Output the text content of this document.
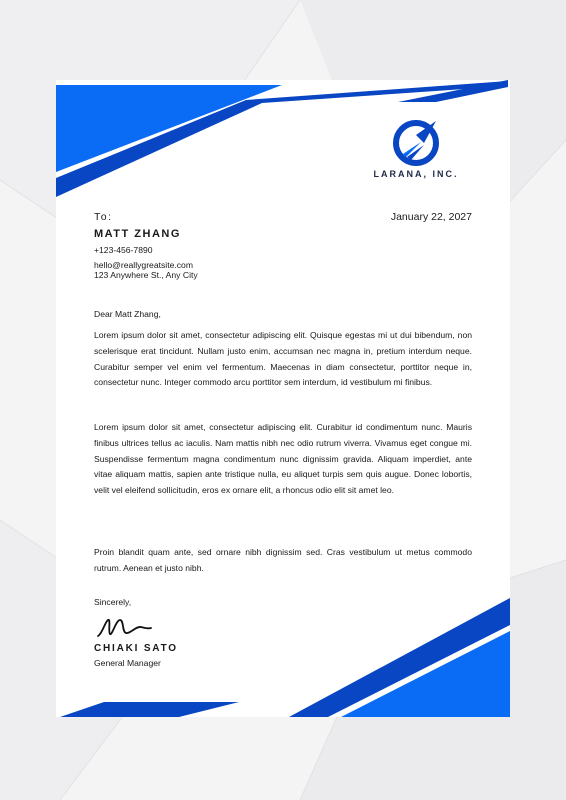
LARANA, INC.
To:	January 22, 2027
MATT ZHANG
+123-456-7890
hello@reallygreatsite.com
123 Anywhere St., Any City
Dear Matt Zhang,

Lorem ipsum dolor sit amet, consectetur adipiscing elit. Quisque egestas mi ut dui bibendum, non scelerisque erat tincidunt. Nullam justo enim, accumsan nec magna in, pretium interdum neque. Curabitur semper vel enim vel fermentum. Maecenas in diam consectetur, porttitor neque in, consectetur nunc. Integer commodo arcu porttitor sem interdum, id vestibulum mi finibus.

Lorem ipsum dolor sit amet, consectetur adipiscing elit. Curabitur id condimentum nunc. Mauris finibus ultrices tellus ac iaculis. Nam mattis nibh nec odio rutrum viverra. Vivamus eget congue mi. Suspendisse fermentum magna condimentum nunc dignissim gravida. Aliquam imperdiet, ante vitae aliquam mattis, sapien ante tristique nulla, eu aliquet turpis sem quis augue. Donec lobortis, velit vel eleifend sollicitudin, eros ex ornare elit, a rhoncus odio elit sit amet leo.

Proin blandit quam ante, sed ornare nibh dignissim sed. Cras vestibulum ut metus commodo rutrum. Aenean et justo nibh.

Sincerely,
CHIAKI SATO
General Manager
